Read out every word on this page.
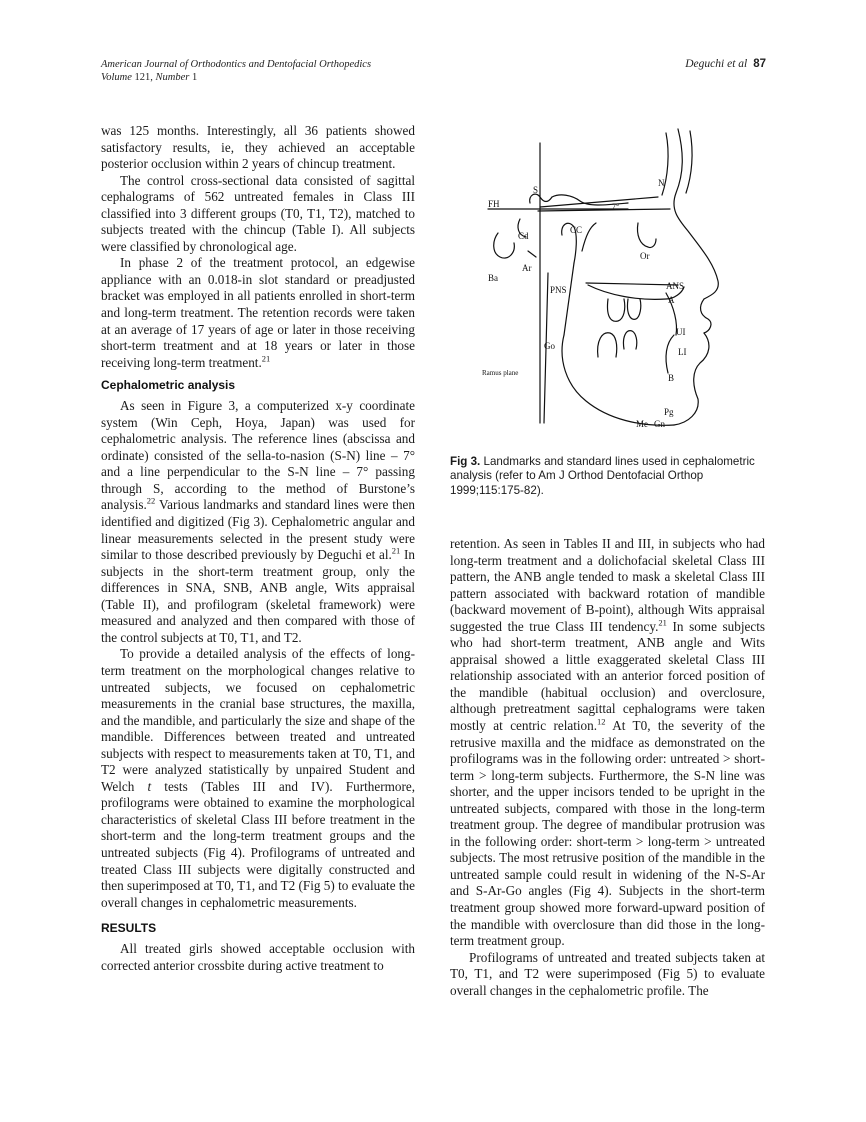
American Journal of Orthodontics and Dentofacial Orthopedics
Volume 121, Number 1
Deguchi et al 87

was 125 months. Interestingly, all 36 patients showed satisfactory results, ie, they achieved an acceptable posterior occlusion within 2 years of chincup treatment.

The control cross-sectional data consisted of sagittal cephalograms of 562 untreated females in Class III classified into 3 different groups (T0, T1, T2), matched to subjects treated with the chincup (Table I). All subjects were classified by chronological age.

In phase 2 of the treatment protocol, an edgewise appliance with an 0.018-in slot standard or preadjusted bracket was employed in all patients enrolled in short-term and long-term treatment. The retention records were taken at an average of 17 years of age or later in those receiving short-term treatment and at 18 years or later in those receiving long-term treatment.$^{21}$

Cephalometric analysis

As seen in Figure 3, a computerized x-y coordinate system (Win Ceph, Hoya, Japan) was used for cephalometric analysis. The reference lines (abscissa and ordinate) consisted of the sella-to-nasion (S-N) line – 7° and a line perpendicular to the S-N line – 7° passing through S, according to the method of Burstone’s analysis.$^{22}$ Various landmarks and standard lines were then identified and digitized (Fig 3). Cephalometric angular and linear measurements selected in the present study were similar to those described previously by Deguchi et al.$^{21}$ In subjects in the short-term treatment group, only the differences in SNA, SNB, ANB angle, Wits appraisal (Table II), and profilogram (skeletal framework) were measured and analyzed and then compared with those of the control subjects at T0, T1, and T2.

To provide a detailed analysis of the effects of long-term treatment on the morphological changes relative to untreated subjects, we focused on cephalometric measurements in the cranial base structures, the maxilla, and the mandible, and particularly the size and shape of the mandible. Differences between treated and untreated subjects with respect to measurements taken at T0, T1, and T2 were analyzed statistically by unpaired Student and Welch t tests (Tables III and IV). Furthermore, profilograms were obtained to examine the morphological characteristics of skeletal Class III before treatment in the short-term and the long-term treatment groups and the untreated subjects (Fig 4). Profilograms of untreated and treated Class III subjects were digitally constructed and then superimposed at T0, T1, and T2 (Fig 5) to evaluate the overall changes in cephalometric measurements.

RESULTS

All treated girls showed acceptable occlusion with corrected anterior crossbite during active treatment to

S
N
FH	7°
Cd
CC
Or
Ar
Ba
PNS	ANS
A
Go
UI
LI
B
Pg
Me Gn
Ramus plane
Fig 3. Landmarks and standard lines used in cephalometric analysis (refer to Am J Orthod Dentofacial Orthop 1999;115:175-82).

retention. As seen in Tables II and III, in subjects who had long-term treatment and a dolichofacial skeletal Class III pattern, the ANB angle tended to mask a skeletal Class III pattern associated with backward rotation of mandible (backward movement of B-point), although Wits appraisal suggested the true Class III tendency.$^{21}$ In some subjects who had short-term treatment, ANB angle and Wits appraisal showed a little exaggerated skeletal Class III relationship associated with an anterior forced position of the mandible (habitual occlusion) and overclosure, although pretreatment sagittal cephalograms were taken mostly at centric relation.$^{12}$ At T0, the severity of the retrusive maxilla and the midface as demonstrated on the profilograms was in the following order: untreated > short-term > long-term subjects. Furthermore, the S-N line was shorter, and the upper incisors tended to be upright in the untreated subjects, compared with those in the long-term treatment group. The degree of mandibular protrusion was in the following order: short-term > long-term > untreated subjects. The most retrusive position of the mandible in the untreated sample could result in widening of the N-S-Ar and S-Ar-Go angles (Fig 4). Subjects in the short-term treatment group showed more forward-upward position of the mandible with overclosure than did those in the long-term treatment group.

Profilograms of untreated and treated subjects taken at T0, T1, and T2 were superimposed (Fig 5) to evaluate overall changes in the cephalometric profile. The
